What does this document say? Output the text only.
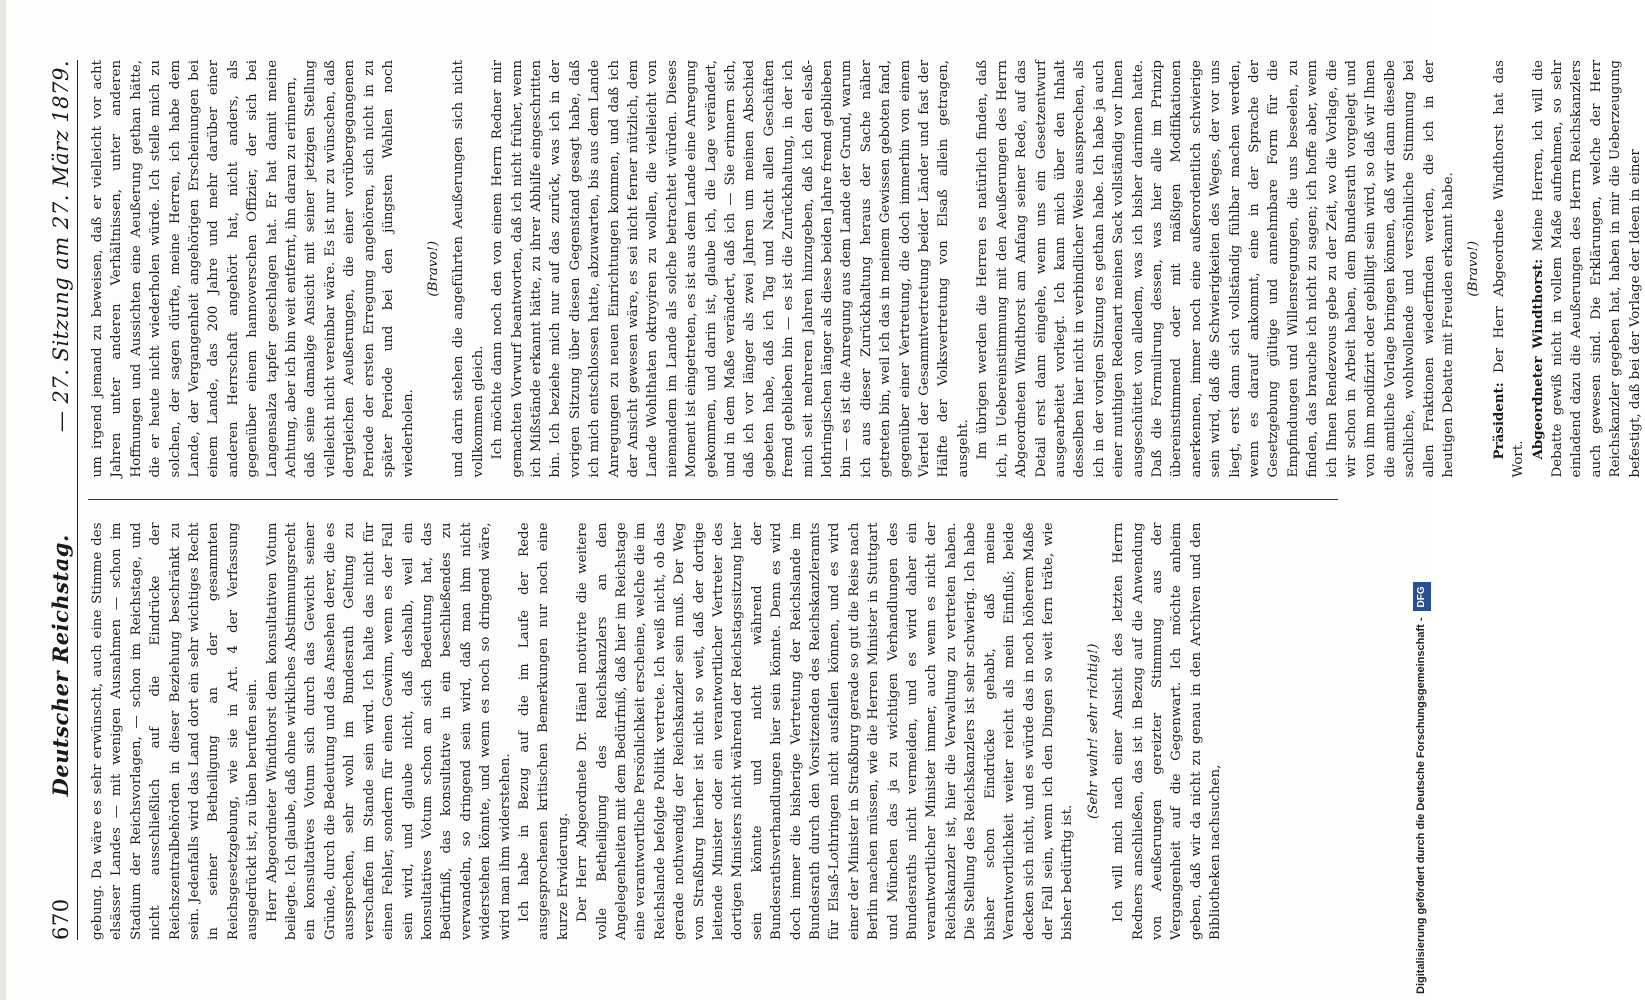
670
Deutscher Reichstag.
— 27. Sitzung am 27. März 1879.

gebung. Da wäre es sehr erwünscht, auch eine Stimme des elsässer Landes — mit wenigen Ausnahmen — schon im Stadium der Reichsvorlagen, — schon im Reichstage, und nicht ausschließlich auf die Eindrücke der Reichszentralbehörden in dieser Beziehung beschränkt zu sein. Jedenfalls wird das Land dort ein sehr wichtiges Recht in seiner Betheiligung an der gesammten Reichsgesetzgebung, wie sie in Art. 4 der Verfassung ausgedrückt ist, zu üben berufen sein. Herr Abgeordneter Windthorst dem konsultativen Votum beilegte. Ich glaube, daß ohne wirkliches Abstimmungsrecht ein konsultatives Votum sich durch das Gewicht seiner Gründe, durch die Bedeutung und das Ansehen derer, die es aussprechen, sehr wohl im Bundesrath Geltung zu verschaffen im Stande sein wird. Ich halte das nicht für einen Fehler, sondern für einen Gewinn, wenn es der Fall sein wird, und glaube nicht, daß deshalb, weil ein konsultatives Votum schon an sich Bedeutung hat, das Bedürfniß, das konsultative in ein beschließendes zu verwandeln, so dringend sein wird, daß man ihm nicht widerstehen könnte, und wenn es noch so dringend wäre, wird man ihm widerstehen. Ich habe in Bezug auf die im Laufe der Rede ausgesprochenen kritischen Bemerkungen nur noch eine kurze Erwiderung. Der Herr Abgeordnete Dr. Hänel motivirte die weitere volle Betheiligung des Reichskanzlers an den Angelegenheiten mit dem Bedürfniß, daß hier im Reichstage eine verantwortliche Persönlichkeit erscheine, welche die im Reichslande befolgte Politik vertrete. Ich weiß nicht, ob das gerade nothwendig der Reichskanzler sein muß. Der Weg von Straßburg hierher ist nicht so weit, daß der dortige leitende Minister oder ein verantwortlicher Vertreter des dortigen Ministers nicht während der Reichstagssitzung hier sein könnte und nicht während der Bundesrathsverhandlungen hier sein könnte. Denn es wird doch immer die bisherige Vertretung der Reichslande im Bundesrath durch den Vorsitzenden des Reichskanzleramts für Elsaß-Lothringen nicht ausfallen können, und es wird einer der Minister in Straßburg gerade so gut die Reise nach Berlin machen müssen, wie die Herren Minister in Stuttgart und München das ja zu wichtigen Verhandlungen des Bundesraths nicht vermeiden, und es wird daher ein verantwortlicher Minister immer, auch wenn es nicht der Reichskanzler ist, hier die Verwaltung zu vertreten haben. Die Stellung des Reichskanzlers ist sehr schwierig. Ich habe bisher schon Eindrücke gehabt, daß meine Verantwortlichkeit weiter reicht als mein Einfluß; beide decken sich nicht, und es würde das in noch höherem Maße der Fall sein, wenn ich den Dingen so weit fern träte, wie bisher bedürftig ist.

(Sehr wahr! sehr richtig!) Ich will mich nach einer Ansicht des letzten Herrn Redners anschließen, das ist in Bezug auf die Anwendung von Aeußerungen gereizter Stimmung aus der Vergangenheit auf die Gegenwart. Ich möchte anheim geben, daß wir da nicht zu genau in den Archiven und den Bibliotheken nachsuchen,

um irgend jemand zu beweisen, daß er vielleicht vor acht Jahren unter anderen Verhältnissen, unter anderen Hoffnungen und Aussichten eine Aeußerung gethan hätte, die er heute nicht wiederholen würde. Ich stelle mich zu solchen, der sagen dürfte, meine Herren, ich habe dem Lande, der Vergangenheit angehörigen Erscheinungen bei einem Lande, das 200 Jahre und mehr darüber einer anderen Herrschaft angehört hat, nicht anders, als gegenüber einem hannoverschen Offizier, der sich bei Langensalza tapfer geschlagen hat. Er hat damit meine Achtung, aber ich bin weit entfernt, ihn daran zu erinnern, daß seine damalige Ansicht mit seiner jetzigen Stellung vielleicht nicht vereinbar wäre. Es ist nur zu wünschen, daß dergleichen Aeußerungen, die einer vorübergegangenen Periode der ersten Erregung angehören, sich nicht in zu später Periode und bei den jüngsten Wahlen noch wiederholen.

(Bravo!) und darin stehen die angeführten Aeußerungen sich nicht vollkommen gleich. Ich möchte dann noch den von einem Herrn Redner mir gemachten Vorwurf beantworten, daß ich nicht früher, wenn ich Mißstände erkannt hätte, zu ihrer Abhilfe eingeschritten bin. Ich beziehe mich nur auf das zurück, was ich in der vorigen Sitzung über diesen Gegenstand gesagt habe, daß ich mich entschlossen hatte, abzuwarten, bis aus dem Lande Anregungen zu neuen Einrichtungen kommen, und daß ich der Ansicht gewesen wäre, es sei nicht ferner nützlich, dem Lande Wohlthaten oktroyiren zu wollen, die vielleicht von niemandem im Lande als solche betrachtet würden. Dieses Moment ist eingetreten, es ist aus dem Lande eine Anregung gekommen, und darin ist, glaube ich, die Lage verändert, und in dem Maße verändert, daß ich — Sie erinnern sich, daß ich vor länger als zwei Jahren um meinen Abschied gebeten habe, daß ich Tag und Nacht allen Geschäften fremd geblieben bin — es ist die Zurückhaltung, in der ich mich seit mehreren Jahren hinzugeben, daß ich den elsaß-lothringischen länger als diese beiden Jahre fremd geblieben bin — es ist die Anregung aus dem Lande der Grund, warum ich aus dieser Zurückhaltung heraus der Sache näher getreten bin, weil ich das in meinem Gewissen geboten fand, gegenüber einer Vertretung, die doch immerhin von einem Viertel der Gesammtvertretung beider Länder und fast der Hälfte der Volksvertretung von Elsaß allein getragen, ausgeht. Im übrigen werden die Herren es natürlich finden, daß ich, in Uebereinstimmung mit den Aeußerungen des Herrn Abgeordneten Windthorst am Anfang seiner Rede, auf das Detail erst dann eingehe, wenn uns ein Gesetzentwurf ausgearbeitet vorliegt. Ich kann mich über den Inhalt desselben hier nicht in verbindlicher Weise aussprechen, als ich in der vorigen Sitzung es gethan habe. Ich habe ja auch einer muthigen Redenart meinen Sack vollständig vor Ihnen ausgeschüttet von alledem, was ich bisher darinnen hatte. Daß die Formulirung dessen, was hier alle im Prinzip übereinstimmend oder mit mäßigen Modifikationen anerkennen, immer noch eine außerordentlich schwierige sein wird, daß die Schwierigkeiten des Weges, der vor uns liegt, erst dann sich vollständig fühlbar machen werden, wenn es darauf ankommt, eine in der Sprache der Gesetzgebung gültige und annehmbare Form für die Empfindungen und Willensregungen, die uns beseelen, zu finden, das brauche ich nicht zu sagen; ich hoffe aber, wenn ich Ihnen Rendezvous gebe zu der Zeit, wo die Vorlage, die wir schon in Arbeit haben, dem Bundesrath vorgelegt und von ihm modifizirt oder gebilligt sein wird, so daß wir Ihnen die amtliche Vorlage bringen können, daß wir dann dieselbe sachliche, wohlwollende und versöhnliche Stimmung bei allen Fraktionen wiederfinden werden, die ich in der heutigen Debatte mit Freuden erkannt habe. (Bravo!)

Präsident: Der Herr Abgeordnete Windthorst hat das Wort. Abgeordneter Windthorst: Meine Herren, ich will die Debatte gewiß nicht in vollem Maße aufnehmen, so sehr einladend dazu die Aeußerungen des Herrn Reichskanzlers auch gewesen sind. Die Erklärungen, welche der Herr Reichskanzler gegeben hat, haben in mir die Ueberzeugung befestigt, daß bei der Vorlage der Ideen in einer

Digitalisierung gefördert durch die Deutsche Forschungsgemeinschaft -DFG
